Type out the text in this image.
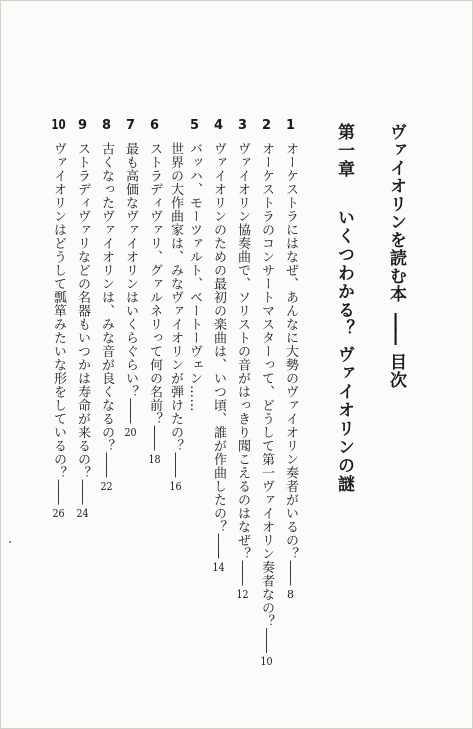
ヴァイオリンを読む本――目次
第一章いくつわかる？ ヴァイオリンの謎
1オーケストラにはなぜ、あんなに大勢のヴァイオリン奏者がいるの？――8
2オーケストラのコンサートマスターって、どうして第一ヴァイオリン奏者なの？――10
3ヴァイオリン協奏曲で、ソリストの音がはっきり聞こえるのはなぜ？――12
4ヴァイオリンのための最初の楽曲は、いつ頃、誰が作曲したの？――14
5バッハ、モーツァルト、ベートーヴェン……
世界の大作曲家は、みなヴァイオリンが弾けたの？――16
6ストラディヴァリ、グァルネリって何の名前？――18
7最も高価なヴァイオリンはいくらぐらい？――20
8古くなったヴァイオリンは、みな音が良くなるの？――22
9ストラディヴァリなどの名器もいつかは寿命が来るの？――24
10ヴァイオリンはどうして瓢箪みたいな形をしているの？――26
